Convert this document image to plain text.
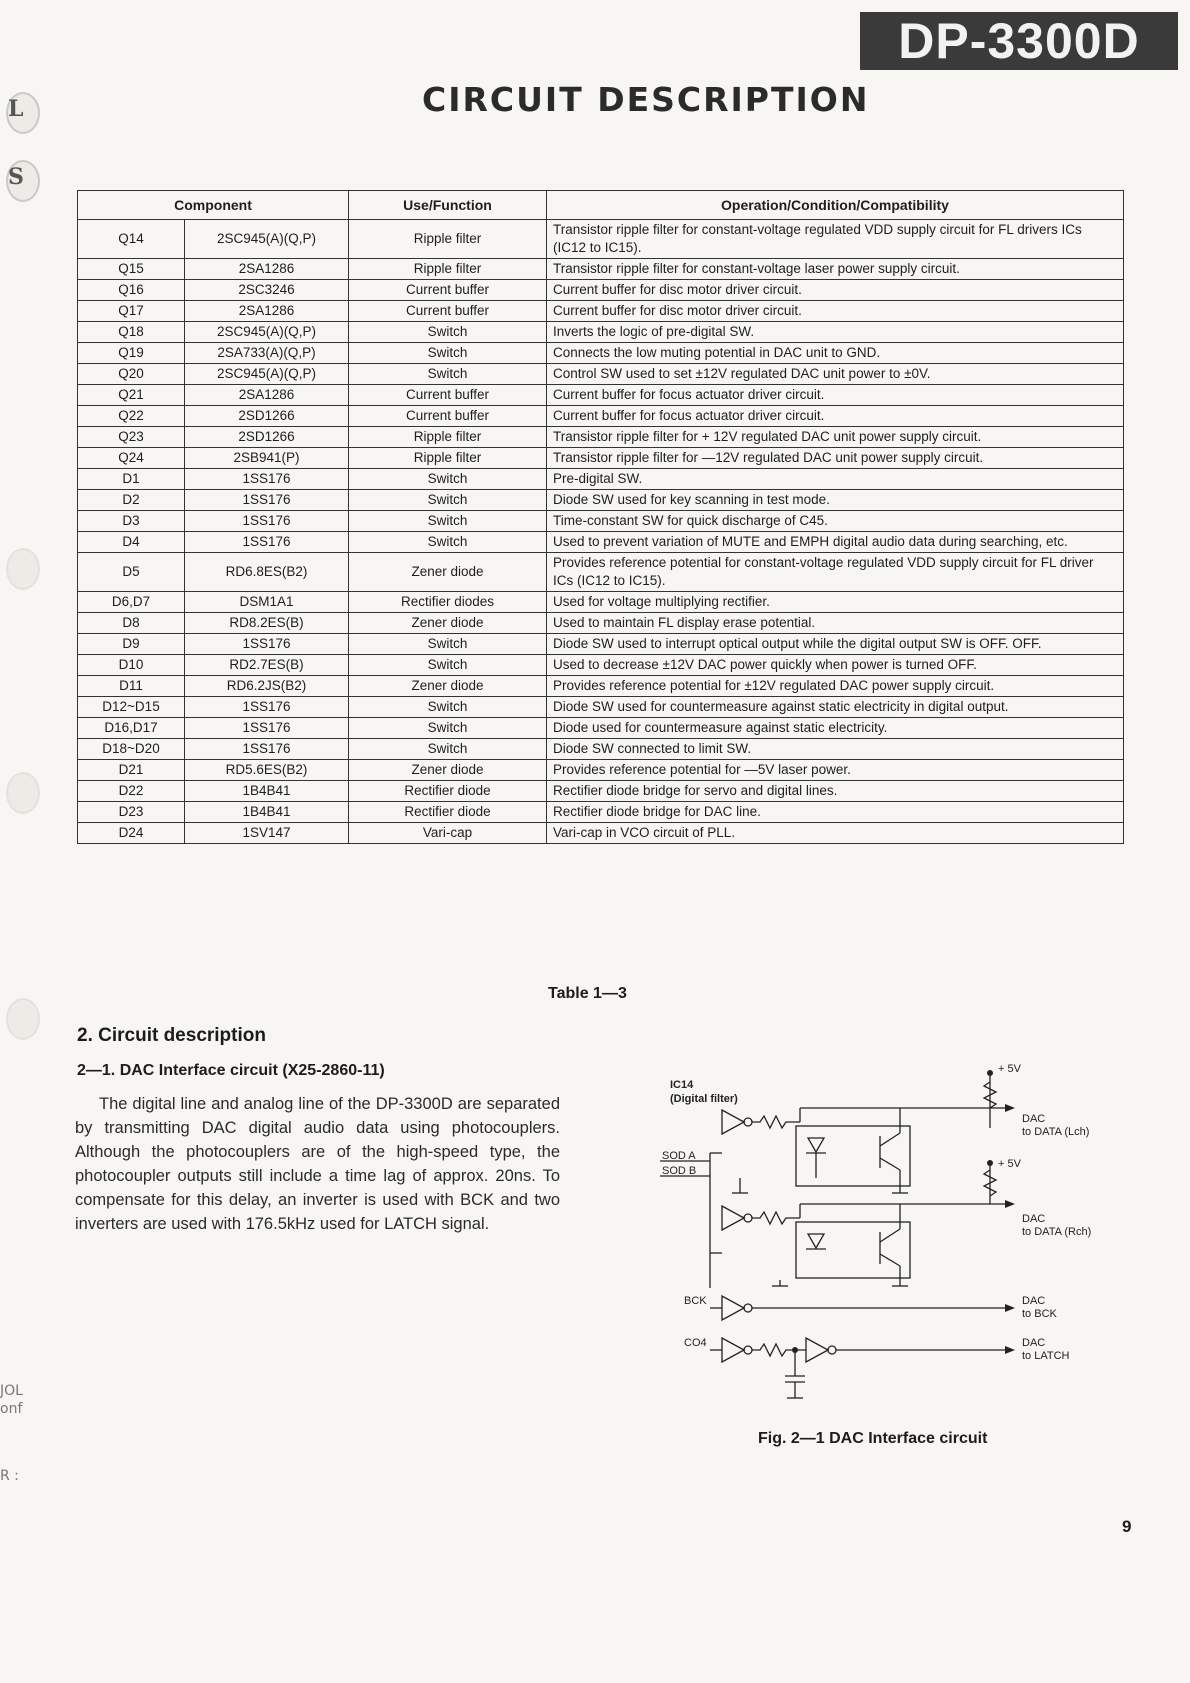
DP-3300D
CIRCUIT DESCRIPTION
L
S
JOL
onf
R :
Component		Use/Function	Operation/Condition/Compatibility
Q14	2SC945(A)(Q,P)	Ripple filter	Transistor ripple filter for constant-voltage regulated VDD supply circuit for FL drivers ICs (IC12 to IC15).
Q15	2SA1286	Ripple filter	Transistor ripple filter for constant-voltage laser power supply circuit.
Q16	2SC3246	Current buffer	Current buffer for disc motor driver circuit.
Q17	2SA1286	Current buffer	Current buffer for disc motor driver circuit.
Q18	2SC945(A)(Q,P)	Switch	Inverts the logic of pre-digital SW.
Q19	2SA733(A)(Q,P)	Switch	Connects the low muting potential in DAC unit to GND.
Q20	2SC945(A)(Q,P)	Switch	Control SW used to set ±12V regulated DAC unit power to ±0V.
Q21	2SA1286	Current buffer	Current buffer for focus actuator driver circuit.
Q22	2SD1266	Current buffer	Current buffer for focus actuator driver circuit.
Q23	2SD1266	Ripple filter	Transistor ripple filter for + 12V regulated DAC unit power supply circuit.
Q24	2SB941(P)	Ripple filter	Transistor ripple filter for —12V regulated DAC unit power supply circuit.
D1	1SS176	Switch	Pre-digital SW.
D2	1SS176	Switch	Diode SW used for key scanning in test mode.
D3	1SS176	Switch	Time-constant SW for quick discharge of C45.
D4	1SS176	Switch	Used to prevent variation of MUTE and EMPH digital audio data during searching, etc.
D5	RD6.8ES(B2)	Zener diode	Provides reference potential for constant-voltage regulated VDD supply circuit for FL driver ICs (IC12 to IC15).
D6,D7	DSM1A1	Rectifier diodes	Used for voltage multiplying rectifier.
D8	RD8.2ES(B)	Zener diode	Used to maintain FL display erase potential.
D9	1SS176	Switch	Diode SW used to interrupt optical output while the digital output SW is OFF. OFF.
D10	RD2.7ES(B)	Switch	Used to decrease ±12V DAC power quickly when power is turned OFF.
D11	RD6.2JS(B2)	Zener diode	Provides reference potential for ±12V regulated DAC power supply circuit.
D12~D15	1SS176	Switch	Diode SW used for countermeasure against static electricity in digital output.
D16,D17	1SS176	Switch	Diode used for countermeasure against static electricity.
D18~D20	1SS176	Switch	Diode SW connected to limit SW.
D21	RD5.6ES(B2)	Zener diode	Provides reference potential for —5V laser power.
D22	1B4B41	Rectifier diode	Rectifier diode bridge for servo and digital lines.
D23	1B4B41	Rectifier diode	Rectifier diode bridge for DAC line.
D24	1SV147	Vari-cap	Vari-cap in VCO circuit of PLL.
Table 1—3
2. Circuit description
2—1. DAC Interface circuit (X25-2860-11)

The digital line and analog line of the DP-3300D are separated by transmitting DAC digital audio data using photocouplers. Although the photocouplers are of the high-speed type, the photocoupler outputs still include a time lag of approx. 20ns. To compensate for this delay, an inverter is used with BCK and two inverters are used with 176.5kHz used for LATCH signal.

IC14
(Digital filter)
SOD A
SOD B
BCK
CO4
+ 5V
+ 5V
DAC
to DATA (Lch)
DAC
to DATA (Rch)
DAC
to BCK
DAC
to LATCH
Fig. 2—1 DAC Interface circuit
9
